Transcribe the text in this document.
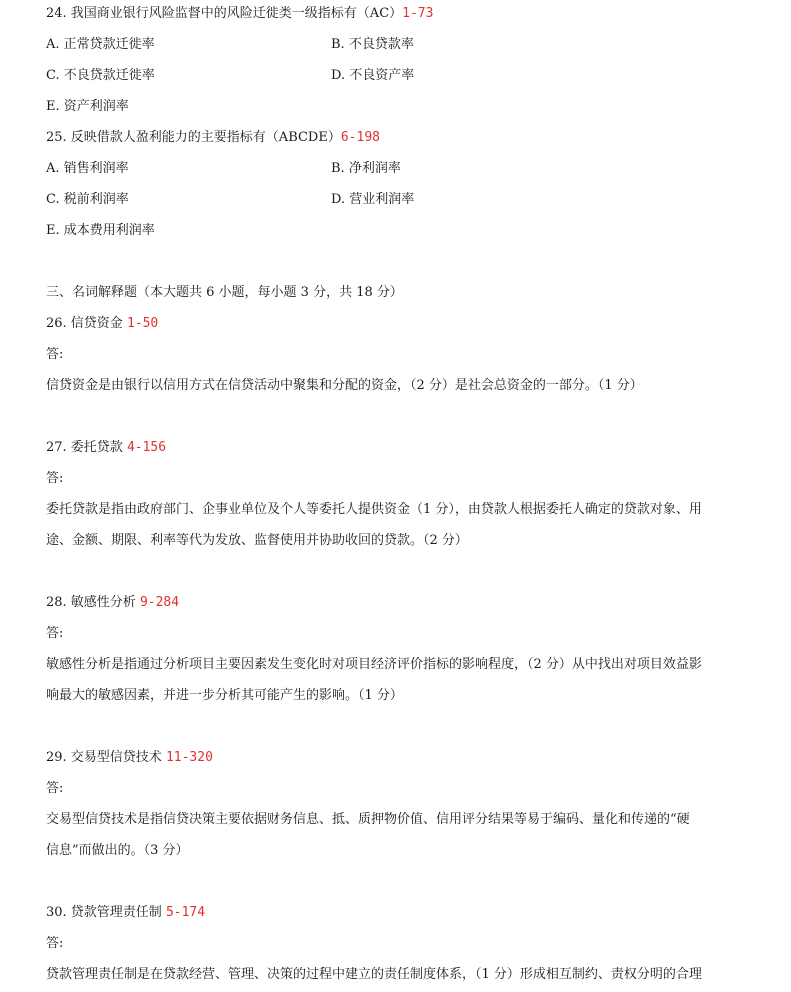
24. 我国商业银行风险监督中的风险迁徙类一级指标有（AC）1-73
A. 正常贷款迁徙率	B. 不良贷款率
C. 不良贷款迁徙率	D. 不良资产率
E. 资产利润率
25. 反映借款人盈利能力的主要指标有（ABCDE）6-198
A. 销售利润率	B. 净利润率
C. 税前利润率	D. 营业利润率
E. 成本费用利润率
三、名词解释题（本大题共 6 小题，每小题 3 分，共 18 分）
26. 信贷资金 1-50
答:
信贷资金是由银行以信用方式在信贷活动中聚集和分配的资金，（2 分）是社会总资金的一部分。（1 分）
27. 委托贷款 4-156
答:
委托贷款是指由政府部门、企事业单位及个人等委托人提供资金（1 分），由贷款人根据委托人确定的贷款对象、用
途、金额、期限、利率等代为发放、监督使用并协助收回的贷款。（2 分）
28. 敏感性分析 9-284
答:
敏感性分析是指通过分析项目主要因素发生变化时对项目经济评价指标的影响程度，（2 分）从中找出对项目效益影
响最大的敏感因素，并进一步分析其可能产生的影响。（1 分）
29. 交易型信贷技术 11-320
答:
交易型信贷技术是指信贷决策主要依据财务信息、抵、质押物价值、信用评分结果等易于编码、量化和传递的“硬
信息”而做出的。（3 分）
30. 贷款管理责任制 5-174
答:
贷款管理责任制是在贷款经营、管理、决策的过程中建立的责任制度体系，（1 分）形成相互制约、责权分明的合理
